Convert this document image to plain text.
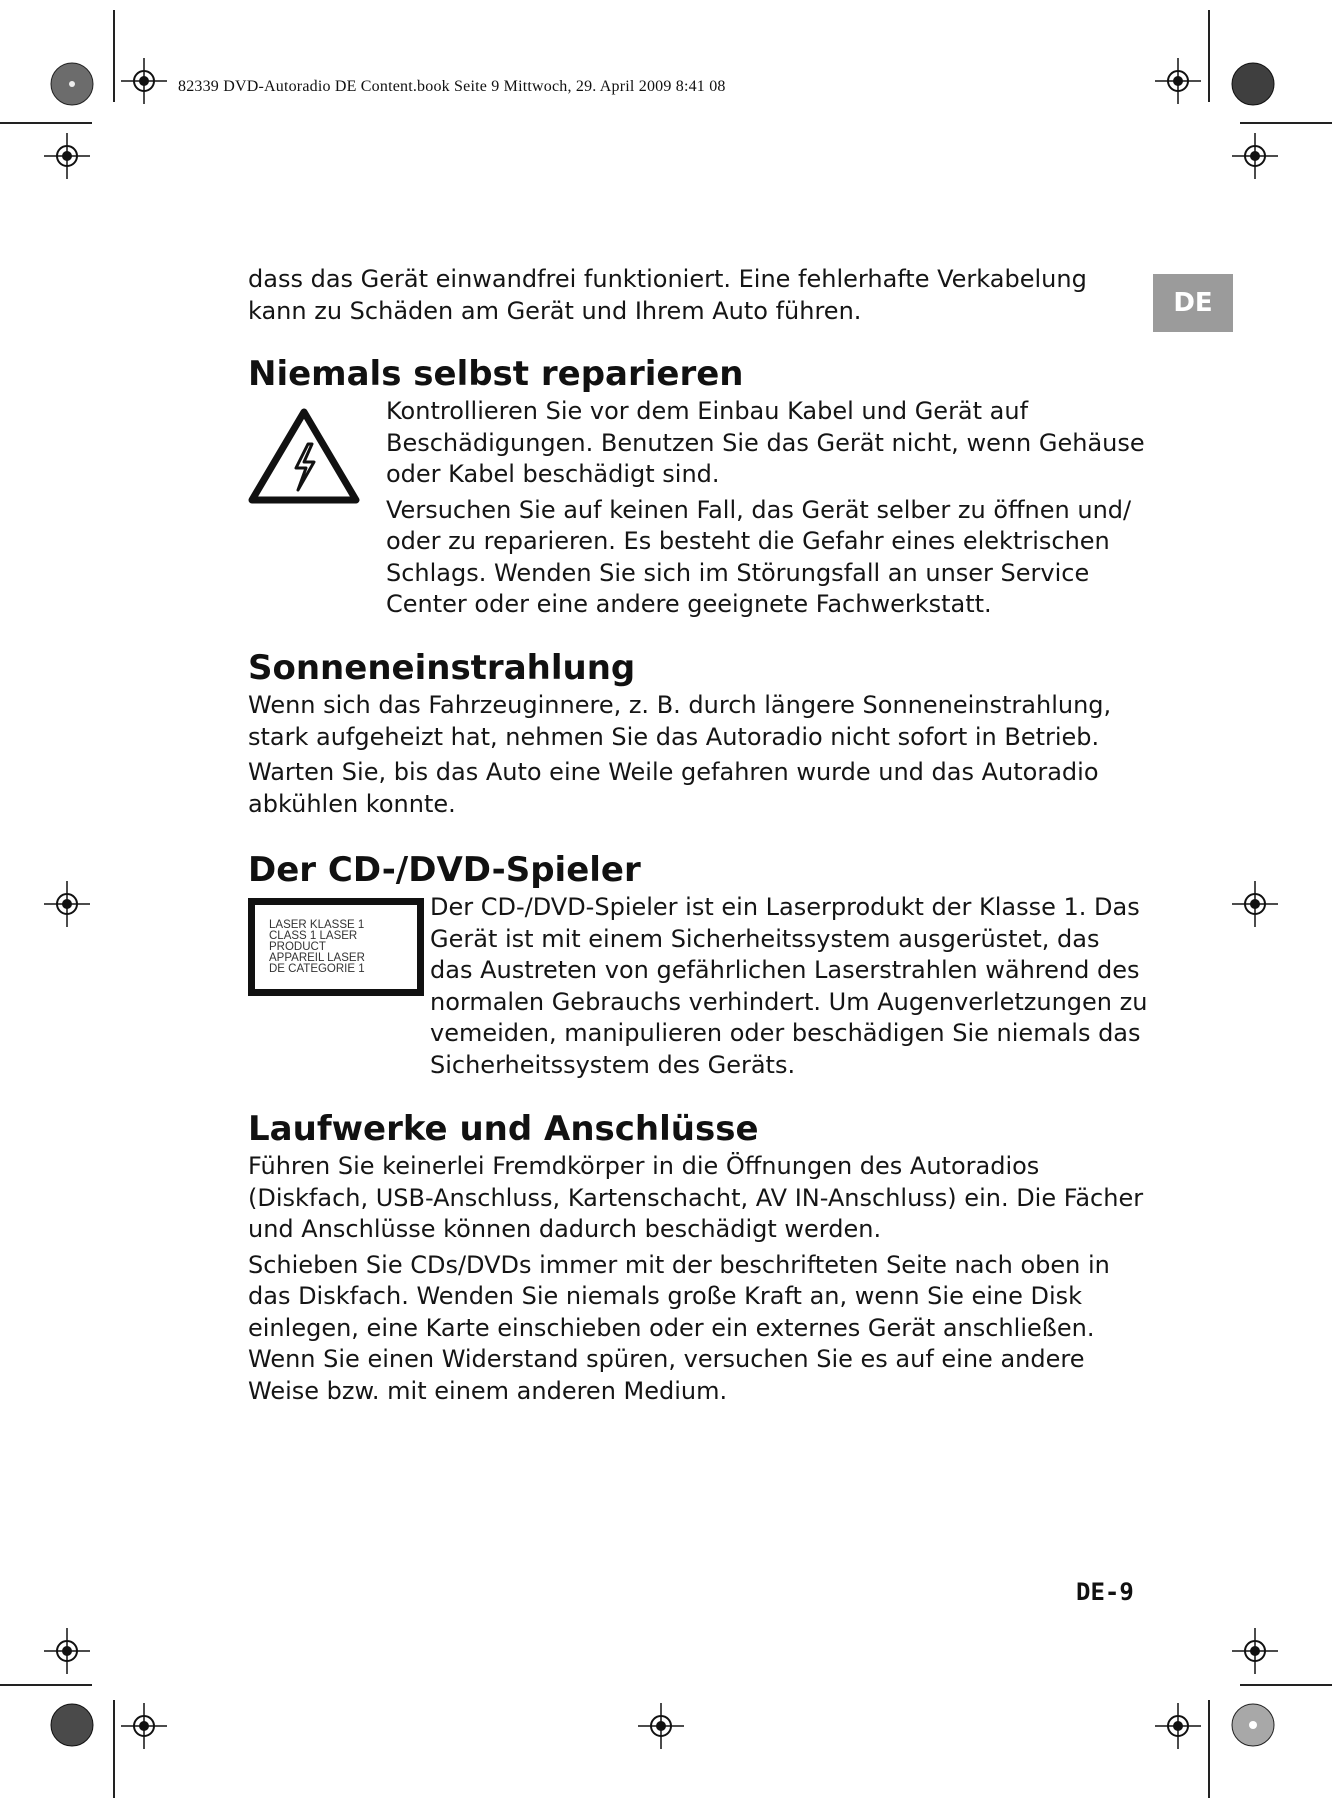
82339 DVD-Autoradio DE Content.book Seite 9 Mittwoch, 29. April 2009 8:41 08
DE

dass das Gerät einwandfrei funktioniert. Eine fehlerhafte Verkabelung kann zu Schäden am Gerät und Ihrem Auto führen.

Niemals selbst reparieren

Kontrollieren Sie vor dem Einbau Kabel und Gerät auf Beschädigungen. Benutzen Sie das Gerät nicht, wenn Gehäuse oder Kabel beschädigt sind.

Versuchen Sie auf keinen Fall, das Gerät selber zu öffnen und/ oder zu reparieren. Es besteht die Gefahr eines elektrischen Schlags. Wenden Sie sich im Störungsfall an unser Service Center oder eine andere geeignete Fachwerkstatt.

Sonneneinstrahlung

Wenn sich das Fahrzeuginnere, z. B. durch längere Sonneneinstrahlung, stark aufgeheizt hat, nehmen Sie das Autoradio nicht sofort in Betrieb.

Warten Sie, bis das Auto eine Weile gefahren wurde und das Autoradio abkühlen konnte.

Der CD-/DVD-Spieler
LASER KLASSE 1
CLASS 1 LASER
PRODUCT
APPAREIL LASER
DE CATEGORIE 1

Der CD-/DVD-Spieler ist ein Laserprodukt der Klasse 1. Das Gerät ist mit einem Sicherheitssystem ausgerüstet, das das Austreten von gefährlichen Laserstrahlen während des normalen Gebrauchs verhindert. Um Augenverletzungen zu vemeiden, manipulieren oder beschädigen Sie niemals das Sicherheitssystem des Geräts.

Laufwerke und Anschlüsse

Führen Sie keinerlei Fremdkörper in die Öffnungen des Autoradios (Diskfach, USB-Anschluss, Kartenschacht, AV IN-Anschluss) ein. Die Fächer und Anschlüsse können dadurch beschädigt werden.

Schieben Sie CDs/DVDs immer mit der beschrifteten Seite nach oben in das Diskfach. Wenden Sie niemals große Kraft an, wenn Sie eine Disk einlegen, eine Karte einschieben oder ein externes Gerät anschließen. Wenn Sie einen Widerstand spüren, versuchen Sie es auf eine andere Weise bzw. mit einem anderen Medium.

DE-9
